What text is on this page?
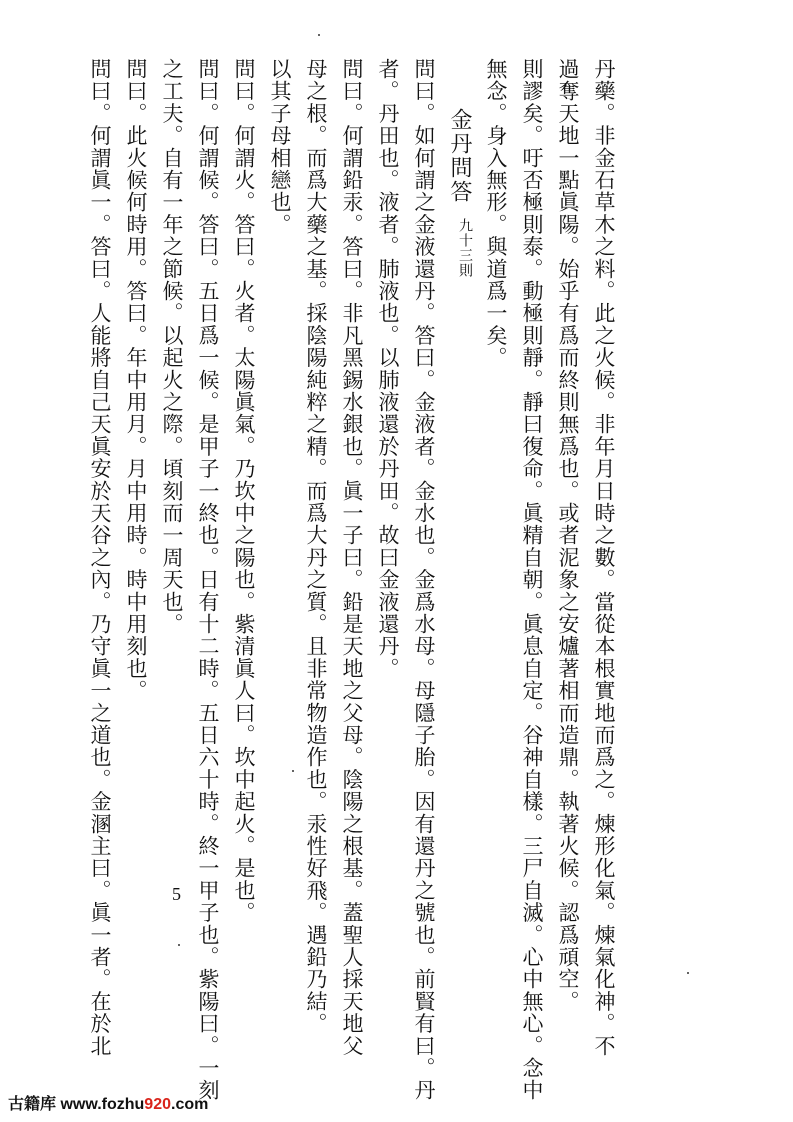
丹藥。非金石草木之料。此之火候。非年月日時之數。當從本根實地而爲之。煉形化氣。煉氣化神。不
過奪天地一點眞陽。始乎有爲而終則無爲也。或者泥象之安爐著相而造鼎。執著火候。認爲頑空。
則謬矣。吁否極則泰。動極則靜。靜曰復命。眞精自朝。眞息自定。谷神自樣。三尸自滅。心中無心。念中
無念。身入無形。與道爲一矣。
金丹問答
九十三則
問曰。如何謂之金液還丹。答曰。金液者。金水也。金爲水母。母隱子胎。因有還丹之號也。前賢有曰。丹
者。丹田也。液者。肺液也。以肺液還於丹田。故曰金液還丹。
問曰。何謂鉛汞。答曰。非凡黑錫水銀也。眞一子曰。鉛是天地之父母。陰陽之根基。蓋聖人採天地父
母之根。而爲大藥之基。採陰陽純粹之精。而爲大丹之質。且非常物造作也。汞性好飛。遇鉛乃結。
以其子母相戀也。
問曰。何謂火。答曰。火者。太陽眞氣。乃坎中之陽也。紫清眞人曰。坎中起火。是也。
問曰。何謂候。答曰。五日爲一候。是甲子一終也。日有十二時。五日六十時。終一甲子也。紫陽曰。一刻
之工夫。自有一年之節候。以起火之際。頃刻而一周天也。
問曰。此火候何時用。答曰。年中用月。月中用時。時中用刻也。
問曰。何謂眞一。答曰。人能將自己天眞安於天谷之內。乃守眞一之道也。金溷主曰。眞一者。在於北	5
古籍库 www.fozhu920.com
